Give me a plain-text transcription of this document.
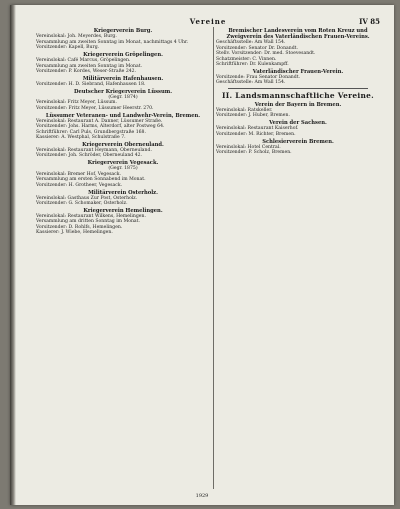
Vereine	IV 85
Kriegerverein Burg.
Vereinslokal: Joh. Meyerdes, Burg.
Versammlung am zweiten Sonntag im Monat, nachmittags 4 Uhr.
Vorsitzender: Kapell, Burg.
Kriegerverein Gröpelingen.
Vereinslokal: Café Marcus, Gröpelingen.
Versammlung am zweiten Sonntag im Monat.
Vorsitzender: P. Kordes, Weser-Straße 242.
Militärverein Hafenhausen.
Vorsitzender: H. D. Siebrand, Hafenhausen 18.
Deutscher Kriegerverein Lüssum.
(Gegr. 1874)
Vereinslokal: Fritz Meyer, Lüssum.
Vorsitzender: Fritz Meyer, Lüssumer Heerstr. 270.
Lüssumer Veteranen- und Landwehr-Verein, Bremen.
Vereinslokal: Restaurant A. Danner, Lüssumer Straße.
Vorsitzender: Johs. Harms, Alterdorf, alter Postweg 64.
Schriftführer: Carl Puls, Grundbergstraße 168.
Kassierer: A. Westphal, Schulstraße 7.
Kriegerverein Oberneuland.
Vereinslokal: Restaurant Heymann, Oberneuland.
Vorsitzender: Joh. Schröder, Oberneuland 42.
Kriegerverein Vegesack.
(Gegr. 1875)
Vereinslokal: Bremer Hof, Vegesack.
Versammlung am ersten Sonnabend im Monat.
Vorsitzender: H. Grotheer, Vegesack.
Militärverein Osterholz.
Vereinslokal: Gasthaus Zur Post, Osterholz.
Vorsitzender: G. Schomaker, Osterholz.
Kriegerverein Hemelingen.
Vereinslokal: Restaurant Wilkens, Hemelingen.
Versammlung am dritten Sonntag im Monat.
Vorsitzender: D. Rohlfs, Hemelingen.
Kassierer: J. Wiebe, Hemelingen.
Bremischer Landesverein vom Roten Kreuz und Zweigverein des Vaterländischen Frauen-Vereins.
Geschäftsstelle: Am Wall 154.
Vorsitzender: Senator Dr. Donandt.
Stellv. Vorsitzender: Dr. med. Stoevesandt.
Schatzmeister: C. Vinnen.
Schriftführer: Dr. Kulenkampff.
Vaterländischer Frauen-Verein.
Vorsitzende: Frau Senator Donandt.
Geschäftsstelle: Am Wall 154.
II. Landsmannschaftliche Vereine.
Verein der Bayern in Bremen.
Vereinslokal: Ratskeller.
Vorsitzender: J. Huber, Bremen.
Verein der Sachsen.
Vereinslokal: Restaurant Kaiserhof.
Vorsitzender: M. Richter, Bremen.
Schlesierverein Bremen.
Vereinslokal: Hotel Central.
Vorsitzender: P. Scholz, Bremen.
1929
